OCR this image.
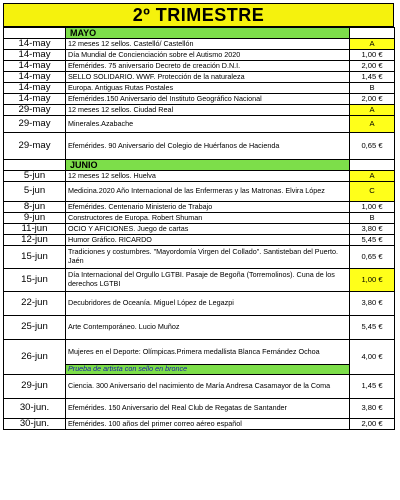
2º TRIMESTRE
	MAYO	
14-may	12 meses 12 sellos. Castelló/ Castellón	A
14-may	Día Mundial de Concienciación sobre el Autismo 2020	1,00 €
14-may	Efemérides. 75 aniversario Decreto de creación D.N.I.	2,00 €
14-may	SELLO SOLIDARIO. WWF. Protección de la naturaleza	1,45 €
14-may	Europa. Antiguas Rutas Postales	B
14-may	Efemérides.150 Aniversario del Instituto Geográfico Nacional	2,00 €
29-may	12 meses 12 sellos. Ciudad Real	A
29-may	Minerales.Azabache	A
29-may	Efemérides. 90 Aniversario del Colegio de Huérfanos de Hacienda	0,65 €
	JUNIO	
5-jun	12 meses 12 sellos. Huelva	A
5-jun	Medicina.2020 Año Internacional de las Enfermeras y las Matronas. Elvira López	C
8-jun	Efemérides. Centenario Ministerio de Trabajo	1,00 €
9-jun	Constructores de Europa. Robert Shuman	B
11-jun	OCIO Y AFICIONES. Juego de cartas	3,80 €
12-jun	Humor Gráfico. RICARDO	5,45 €
15-jun	Tradiciones y costumbres. "Mayordomía Virgen del Collado". Santisteban del Puerto. Jaén	0,65 €
15-jun	Día Internacional del Orgullo LGTBI. Pasaje de Begoña (Torremolinos). Cuna de los derechos LGTBI	1,00 €
22-jun	Decubridores de Oceanía. Miguel López de Legazpi	3,80 €
25-jun	Arte Contemporáneo. Lucio Muñoz	5,45 €
26-jun	Mujeres en el Deporte: Olímpicas.Primera medallista Blanca Fernández Ochoa	4,00 €
	Prueba de artista con sello en bronce	
29-jun	Ciencia. 300 Aniversario del nacimiento de María Andresa Casamayor de la Coma	1,45 €
30-jun.	Efemérides. 150 Aniversario del Real Club de Regatas de Santander	3,80 €
30-jun.	Efemérides. 100 años del primer correo aéreo español	2,00 €
